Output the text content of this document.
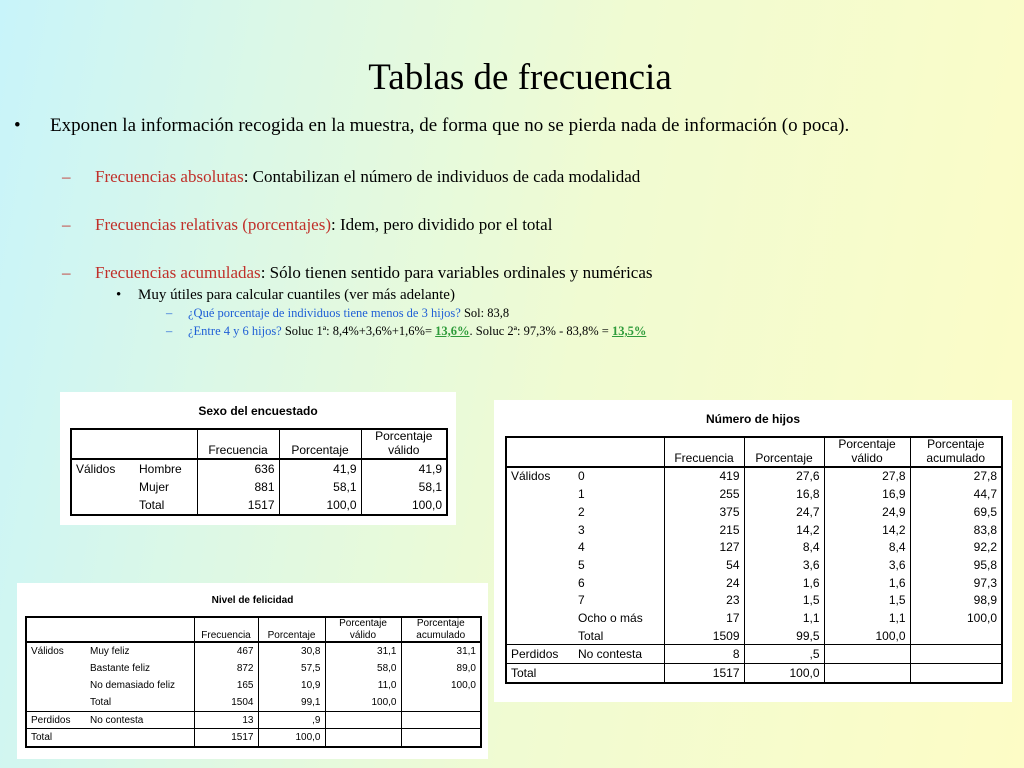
Tablas de frecuencia
• Exponen la información recogida en la muestra, de forma que no se pierda nada de información (o poca).
– Frecuencias absolutas: Contabilizan el número de individuos de cada modalidad
– Frecuencias relativas (porcentajes): Idem, pero dividido por el total
– Frecuencias acumuladas: Sólo tienen sentido para variables ordinales y numéricas
• Muy útiles para calcular cuantiles (ver más adelante)
– ¿Qué porcentaje de individuos tiene menos de 3 hijos? Sol: 83,8
– ¿Entre 4 y 6 hijos? Soluc 1ª: 8,4%+3,6%+1,6%= 13,6%. Soluc 2ª: 97,3% - 83,8% = 13,5%
Sexo del encuestado
		Frecuencia	Porcentaje	Porcentaje válido
Válidos	Hombre	636	41,9	41,9
	Mujer	881	58,1	58,1
	Total	1517	100,0	100,0
Número de hijos
		Frecuencia	Porcentaje	Porcentaje válido	Porcentaje acumulado
Válidos	0	419	27,6	27,8	27,8
	1	255	16,8	16,9	44,7
	2	375	24,7	24,9	69,5
	3	215	14,2	14,2	83,8
	4	127	8,4	8,4	92,2
	5	54	3,6	3,6	95,8
	6	24	1,6	1,6	97,3
	7	23	1,5	1,5	98,9
	Ocho o más	17	1,1	1,1	100,0
	Total	1509	99,5	100,0	
Perdidos	No contesta	8	,5		
Total		1517	100,0		
Nivel de felicidad
		Frecuencia	Porcentaje	Porcentaje válido	Porcentaje acumulado
Válidos	Muy feliz	467	30,8	31,1	31,1
	Bastante feliz	872	57,5	58,0	89,0
	No demasiado feliz	165	10,9	11,0	100,0
	Total	1504	99,1	100,0	
Perdidos	No contesta	13	,9		
Total		1517	100,0		
